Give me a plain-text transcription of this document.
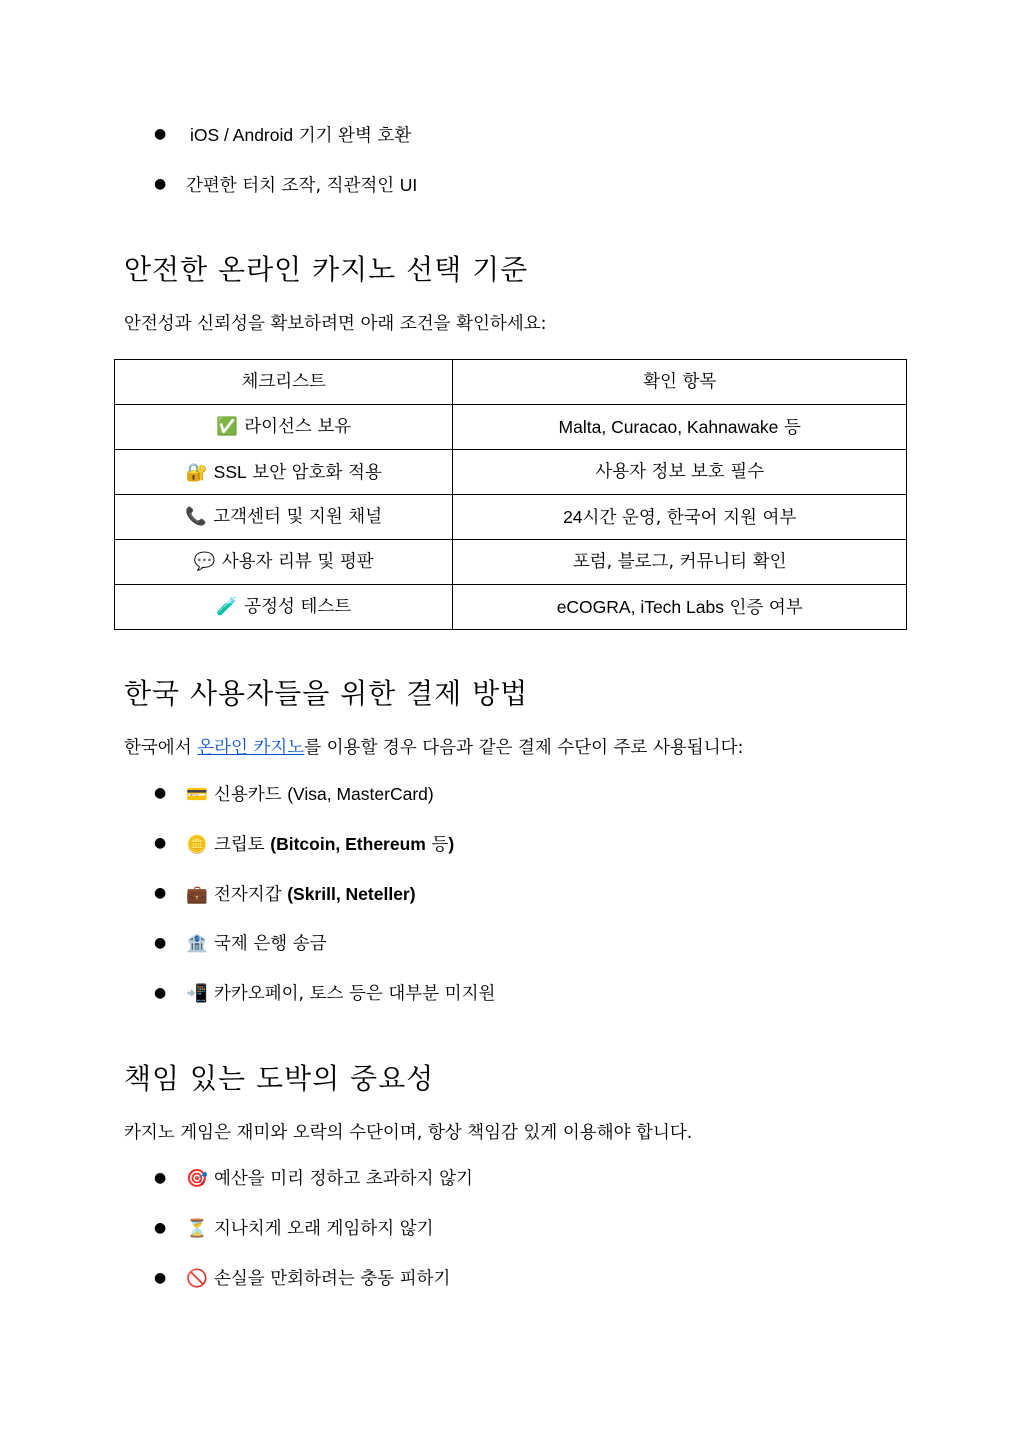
● iOS / Android 기기 완벽 호환
● 간편한 터치 조작, 직관적인 UI
안전한 온라인 카지노 선택 기준

안전성과 신뢰성을 확보하려면 아래 조건을 확인하세요:

체크리스트	확인 항목
✅ 라이선스 보유	Malta, Curacao, Kahnawake 등
🔐 SSL 보안 암호화 적용	사용자 정보 보호 필수
📞 고객센터 및 지원 채널	24시간 운영, 한국어 지원 여부
💬 사용자 리뷰 및 평판	포럼, 블로그, 커뮤니티 확인
🧪 공정성 테스트	eCOGRA, iTech Labs 인증 여부
한국 사용자들을 위한 결제 방법

한국에서 온라인 카지노를 이용할 경우 다음과 같은 결제 수단이 주로 사용됩니다:

● 💳 신용카드 (Visa, MasterCard)
● 🪙 크립토 (Bitcoin, Ethereum 등)
● 💼 전자지갑 (Skrill, Neteller)
● 🏦 국제 은행 송금
● 📲 카카오페이, 토스 등은 대부분 미지원
책임 있는 도박의 중요성

카지노 게임은 재미와 오락의 수단이며, 항상 책임감 있게 이용해야 합니다.

● 🎯 예산을 미리 정하고 초과하지 않기
● ⏳ 지나치게 오래 게임하지 않기
● 🚫 손실을 만회하려는 충동 피하기
